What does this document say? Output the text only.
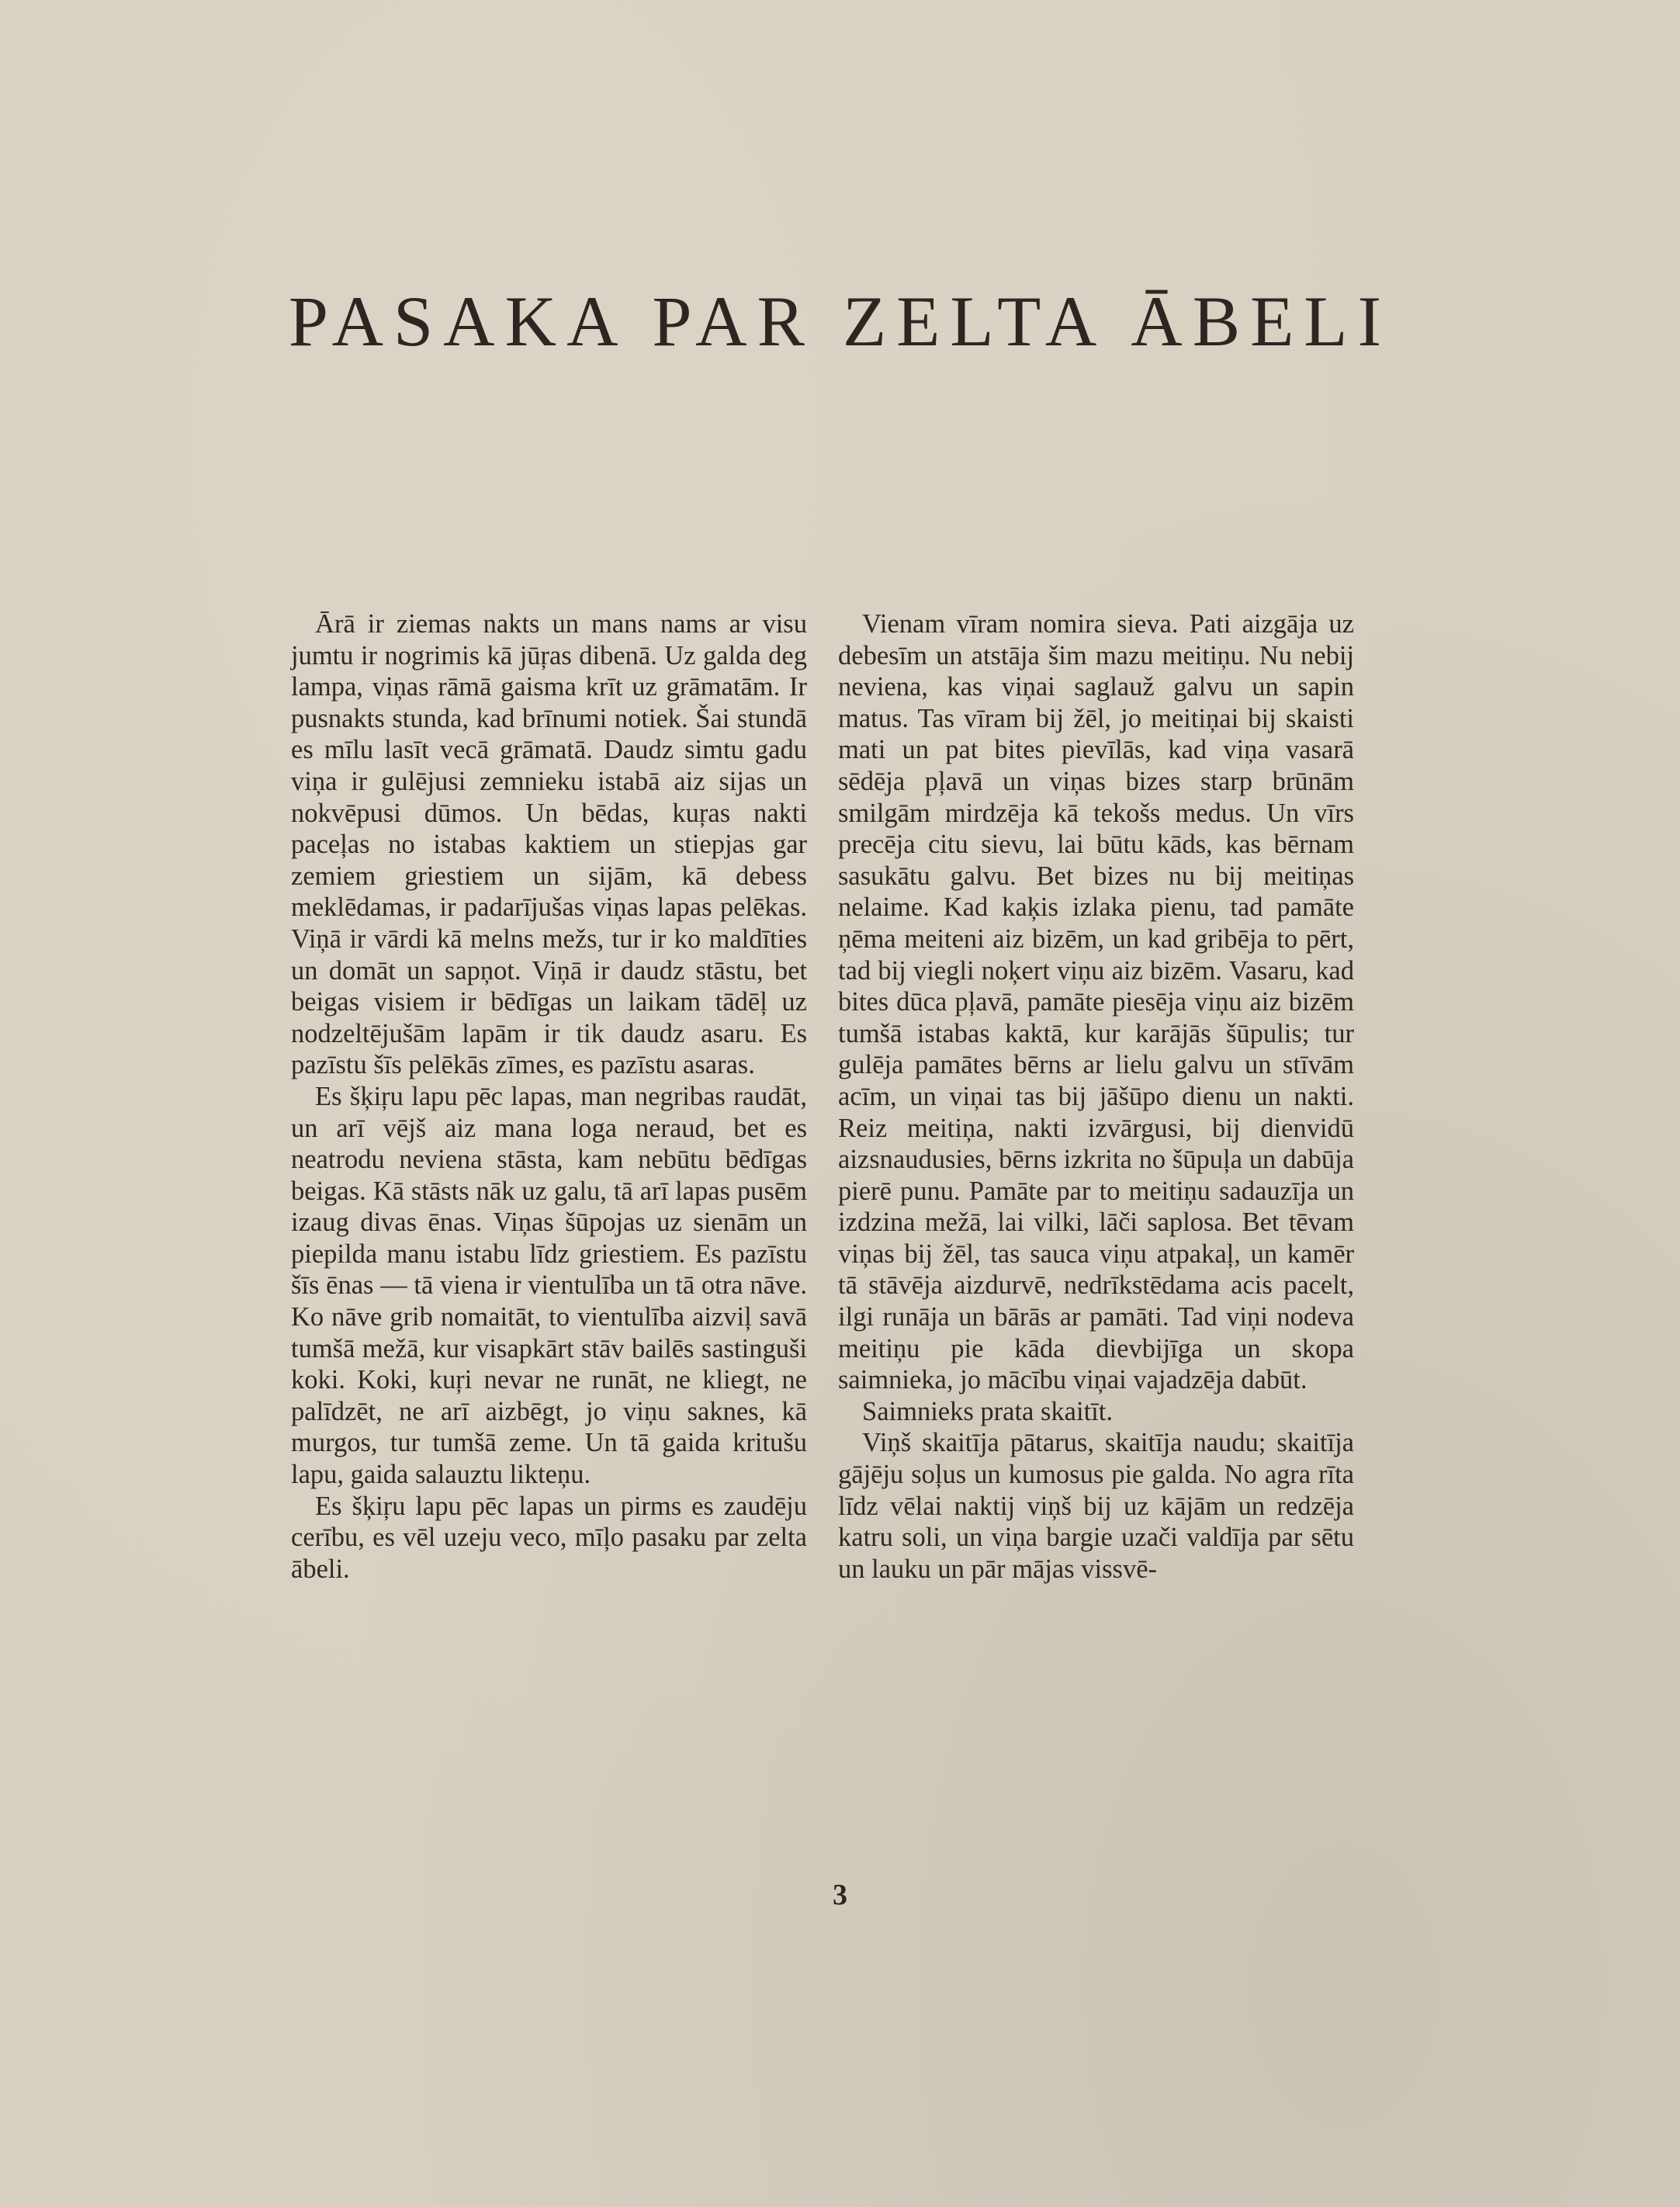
PASAKA PAR ZELTA ĀBELI

Ārā ir ziemas nakts un mans nams ar visu jumtu ir nogrimis kā jūŗas dibenā. Uz galda deg lampa, viņas rāmā gaisma krīt uz grāmatām. Ir pusnakts stunda, kad brīnumi notiek. Šai stundā es mīlu lasīt vecā grāmatā. Daudz simtu gadu viņa ir gulējusi zemnieku istabā aiz sijas un nokvēpusi dūmos. Un bēdas, kuŗas nakti paceļas no istabas kaktiem un stiepjas gar zemiem griestiem un sijām, kā debess meklēdamas, ir padarījušas viņas lapas pelēkas. Viņā ir vārdi kā melns mežs, tur ir ko maldīties un domāt un sapņot. Viņā ir daudz stāstu, bet beigas visiem ir bēdīgas un laikam tādēļ uz nodzeltējušām lapām ir tik daudz asaru. Es pazīstu šīs pelēkās zīmes, es pazīstu asaras.

Es šķiŗu lapu pēc lapas, man negribas raudāt, un arī vējš aiz mana loga neraud, bet es neatrodu neviena stāsta, kam nebūtu bēdīgas beigas. Kā stāsts nāk uz galu, tā arī lapas pusēm izaug divas ēnas. Viņas šūpojas uz sienām un piepilda manu istabu līdz griestiem. Es pazīstu šīs ēnas — tā viena ir vientulība un tā otra nāve. Ko nāve grib nomaitāt, to vientulība aizviļ savā tumšā mežā, kur visapkārt stāv bailēs sastinguši koki. Koki, kuŗi nevar ne runāt, ne kliegt, ne palīdzēt, ne arī aizbēgt, jo viņu saknes, kā murgos, tur tumšā zeme. Un tā gaida kritušu lapu, gaida salauztu likteņu.

Es šķiŗu lapu pēc lapas un pirms es zaudēju cerību, es vēl uzeju veco, mīļo pasaku par zelta ābeli.

Vienam vīram nomira sieva. Pati aizgāja uz debesīm un atstāja šim mazu meitiņu. Nu nebij neviena, kas viņai saglauž galvu un sapin matus. Tas vīram bij žēl, jo meitiņai bij skaisti mati un pat bites pievīlās, kad viņa vasarā sēdēja pļavā un viņas bizes starp brūnām smilgām mirdzēja kā tekošs medus. Un vīrs precēja citu sievu, lai būtu kāds, kas bērnam sasukātu galvu. Bet bizes nu bij meitiņas nelaime. Kad kaķis izlaka pienu, tad pamāte ņēma meiteni aiz bizēm, un kad gribēja to pērt, tad bij viegli noķert viņu aiz bizēm. Vasaru, kad bites dūca pļavā, pamāte piesēja viņu aiz bizēm tumšā istabas kaktā, kur karājās šūpulis; tur gulēja pamātes bērns ar lielu galvu un stīvām acīm, un viņai tas bij jāšūpo dienu un nakti. Reiz meitiņa, nakti izvārgusi, bij dienvidū aizsnaudusies, bērns izkrita no šūpuļa un dabūja pierē punu. Pamāte par to meitiņu sadauzīja un izdzina mežā, lai vilki, lāči saplosa. Bet tēvam viņas bij žēl, tas sauca viņu atpakaļ, un kamēr tā stāvēja aizdurvē, nedrīkstēdama acis pacelt, ilgi runāja un bārās ar pamāti. Tad viņi nodeva meitiņu pie kāda dievbijīga un skopa saimnieka, jo mācību viņai vajadzēja dabūt.

Saimnieks prata skaitīt.

Viņš skaitīja pātarus, skaitīja naudu; skaitīja gājēju soļus un kumosus pie galda. No agra rīta līdz vēlai naktij viņš bij uz kājām un redzēja katru soli, un viņa bargie uzači valdīja par sētu un lauku un pār mājas vissvē-

3
